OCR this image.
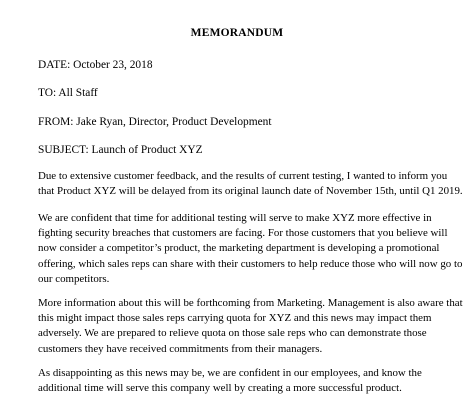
MEMORANDUM
DATE: October 23, 2018
TO: All Staff
FROM: Jake Ryan, Director, Product Development
SUBJECT: Launch of Product XYZ
Due to extensive customer feedback, and the results of current testing, I wanted to inform you
that Product XYZ will be delayed from its original launch date of November 15th, until Q1 2019.
We are confident that time for additional testing will serve to make XYZ more effective in
fighting security breaches that customers are facing. For those customers that you believe will
now consider a competitor’s product, the marketing department is developing a promotional
offering, which sales reps can share with their customers to help reduce those who will now go to
our competitors.
More information about this will be forthcoming from Marketing. Management is also aware that
this might impact those sales reps carrying quota for XYZ and this news may impact them
adversely. We are prepared to relieve quota on those sale reps who can demonstrate those
customers they have received commitments from their managers.
As disappointing as this news may be, we are confident in our employees, and know the
additional time will serve this company well by creating a more successful product.
